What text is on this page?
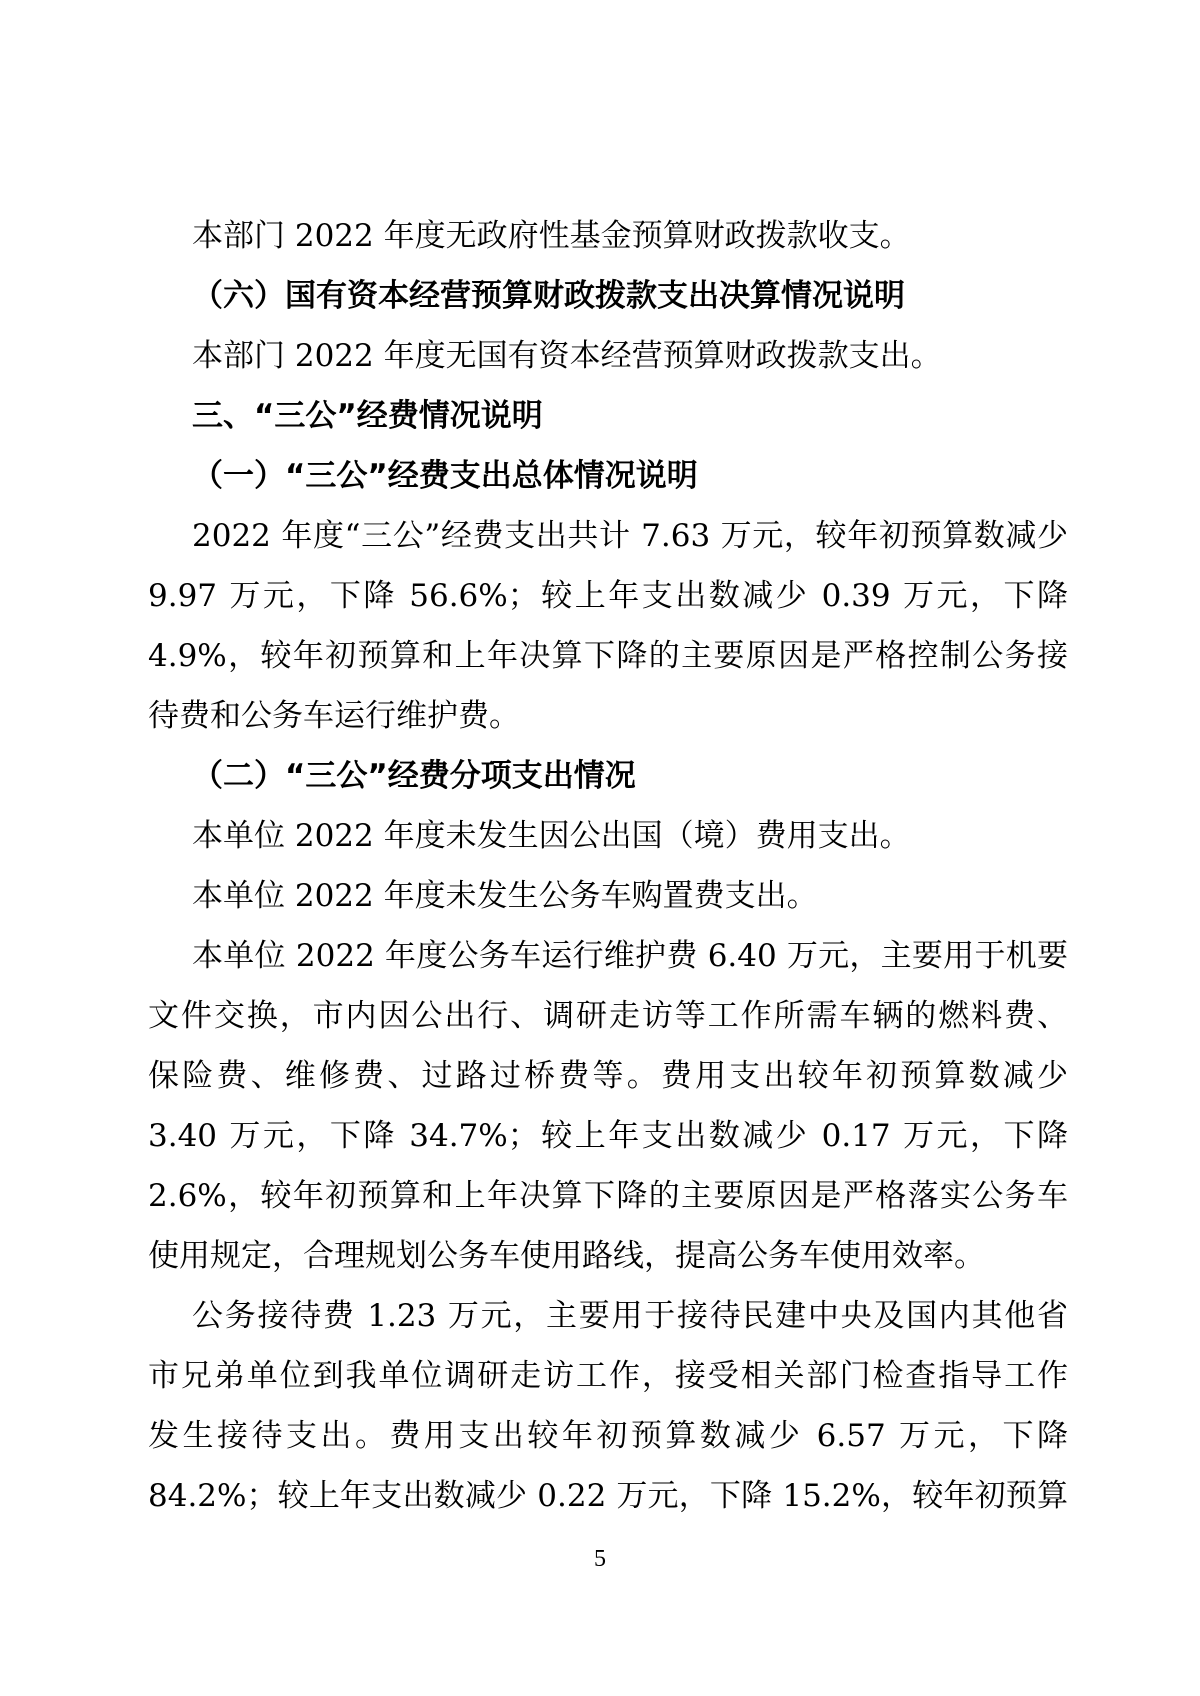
本部门 2022 年度无政府性基金预算财政拨款收支。

（六）国有资本经营预算财政拨款支出决算情况说明

本部门 2022 年度无国有资本经营预算财政拨款支出。

三、“三公”经费情况说明

（一）“三公”经费支出总体情况说明

2022 年度“三公”经费支出共计 7.63 万元，较年初预算数减少

9.97 万元，下降 56.6%；较上年支出数减少 0.39 万元，下降

4.9%，较年初预算和上年决算下降的主要原因是严格控制公务接

待费和公务车运行维护费。

（二）“三公”经费分项支出情况

本单位 2022 年度未发生因公出国（境）费用支出。

本单位 2022 年度未发生公务车购置费支出。

本单位 2022 年度公务车运行维护费 6.40 万元，主要用于机要

文件交换，市内因公出行、调研走访等工作所需车辆的燃料费、

保险费、维修费、过路过桥费等。费用支出较年初预算数减少

3.40 万元，下降 34.7%；较上年支出数减少 0.17 万元，下降

2.6%，较年初预算和上年决算下降的主要原因是严格落实公务车

使用规定，合理规划公务车使用路线，提高公务车使用效率。

公务接待费 1.23 万元，主要用于接待民建中央及国内其他省

市兄弟单位到我单位调研走访工作，接受相关部门检查指导工作

发生接待支出。费用支出较年初预算数减少 6.57 万元，下降

84.2%；较上年支出数减少 0.22 万元，下降 15.2%，较年初预算

5
